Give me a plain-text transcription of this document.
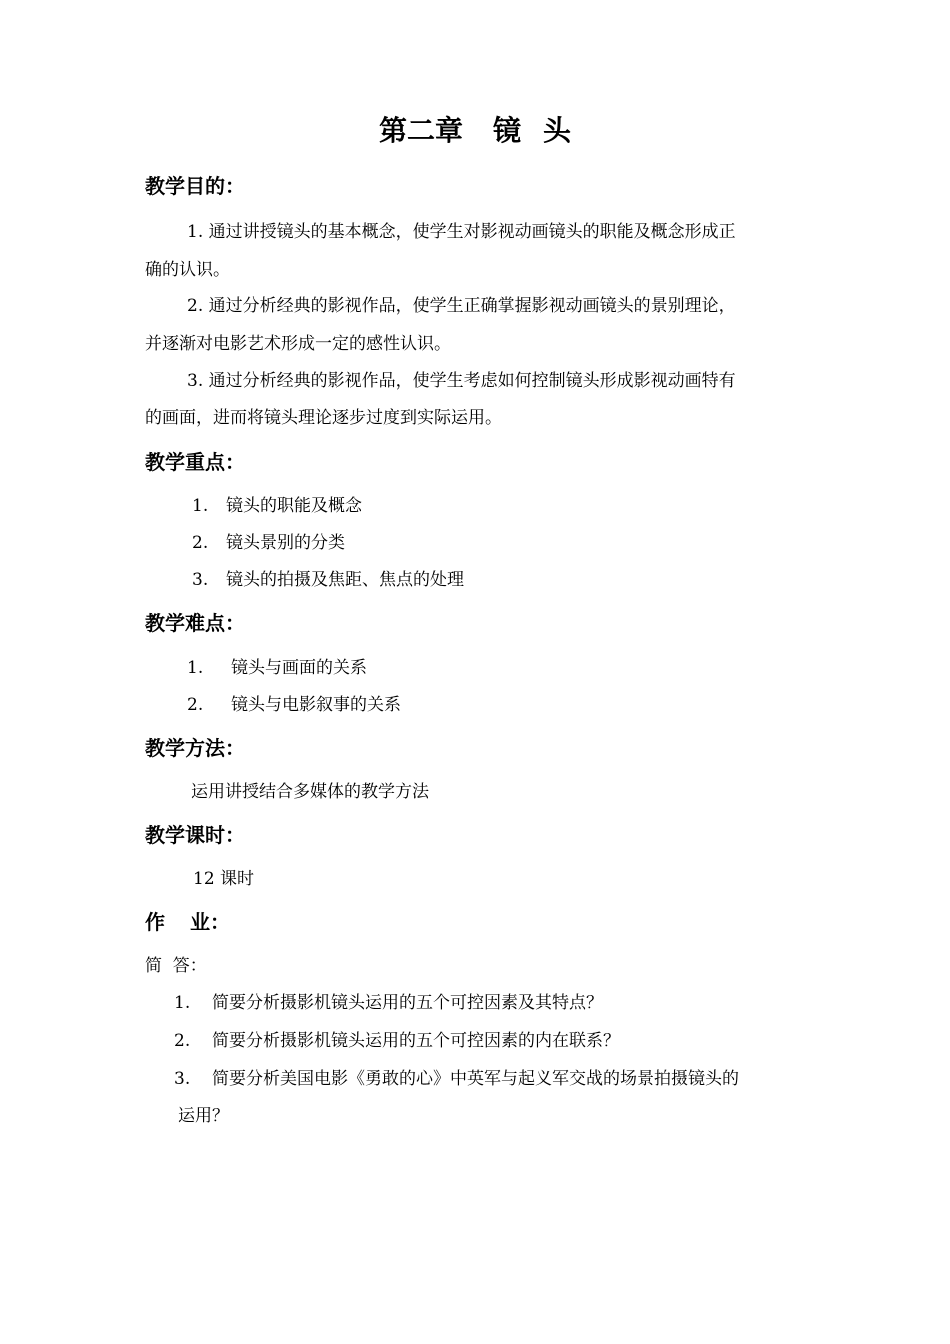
第二章 镜 头
教学目的：
1. 通过讲授镜头的基本概念，使学生对影视动画镜头的职能及概念形成正
确的认识。
2. 通过分析经典的影视作品，使学生正确掌握影视动画镜头的景别理论，
并逐渐对电影艺术形成一定的感性认识。
3. 通过分析经典的影视作品，使学生考虑如何控制镜头形成影视动画特有
的画面，进而将镜头理论逐步过度到实际运用。
教学重点：
1. 镜头的职能及概念
2. 镜头景别的分类
3. 镜头的拍摄及焦距、焦点的处理
教学难点：
1. 镜头与画面的关系
2. 镜头与电影叙事的关系
教学方法：
运用讲授结合多媒体的教学方法
教学课时：
12 课时
作 业：
简  答：
1. 简要分析摄影机镜头运用的五个可控因素及其特点？
2. 简要分析摄影机镜头运用的五个可控因素的内在联系？
3. 简要分析美国电影《勇敢的心》中英军与起义军交战的场景拍摄镜头的
运用？
